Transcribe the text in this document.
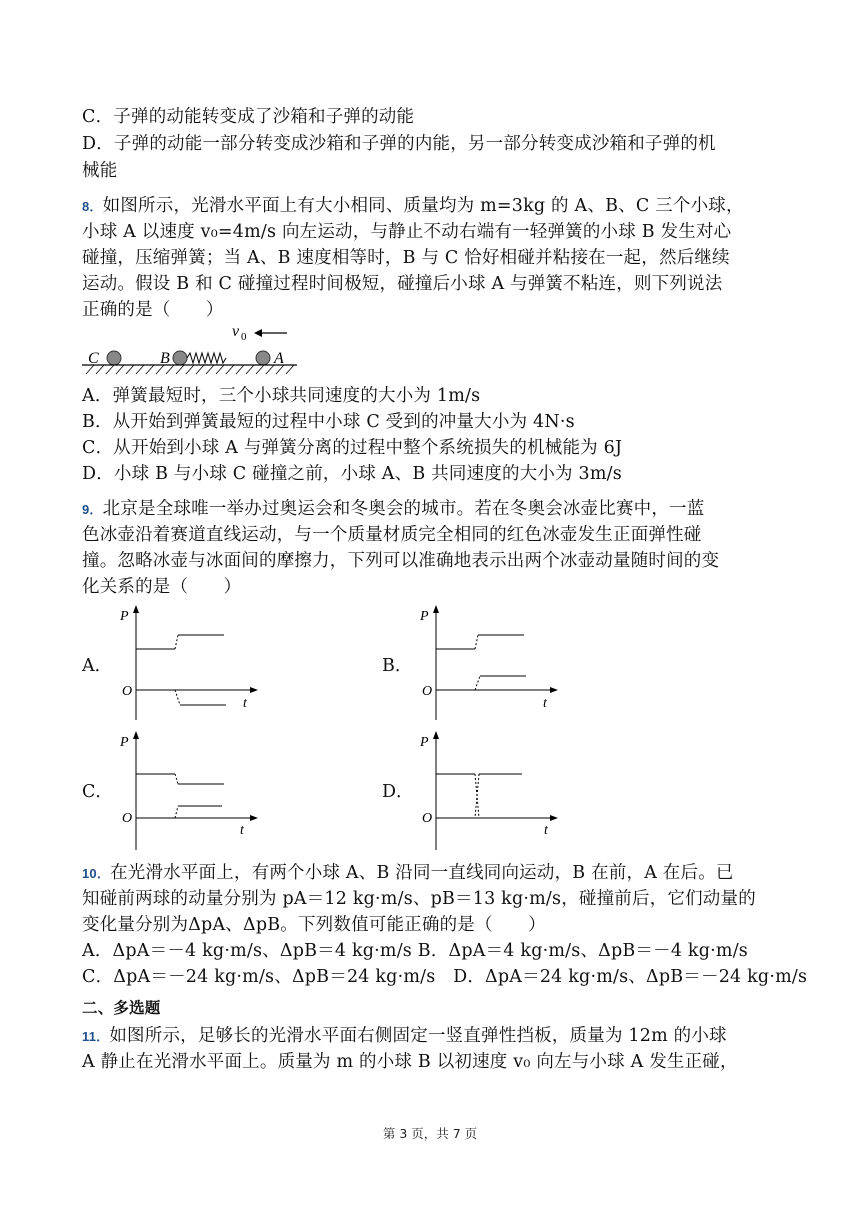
C．子弹的动能转变成了沙箱和子弹的动能
D．子弹的动能一部分转变成沙箱和子弹的内能，另一部分转变成沙箱和子弹的机
械能
8．如图所示，光滑水平面上有大小相同、质量均为 m=3kg 的 A、B、C 三个小球，
小球 A 以速度 v₀=4m/s 向左运动，与静止不动右端有一轻弹簧的小球 B 发生对心
碰撞，压缩弹簧；当 A、B 速度相等时，B 与 C 恰好相碰并粘接在一起，然后继续
运动。假设 B 和 C 碰撞过程时间极短，碰撞后小球 A 与弹簧不粘连，则下列说法
正确的是（　　）
v 0
C	B	A
A．弹簧最短时，三个小球共同速度的大小为 1m/s
B．从开始到弹簧最短的过程中小球 C 受到的冲量大小为 4N·s
C．从开始到小球 A 与弹簧分离的过程中整个系统损失的机械能为 6J
D．小球 B 与小球 C 碰撞之前，小球 A、B 共同速度的大小为 3m/s
9．北京是全球唯一举办过奥运会和冬奥会的城市。若在冬奥会冰壶比赛中，一蓝
色冰壶沿着赛道直线运动，与一个质量材质完全相同的红色冰壶发生正面弹性碰
撞。忽略冰壶与冰面间的摩擦力，下列可以准确地表示出两个冰壶动量随时间的变
化关系的是（　　）
A．	B．
C．	D．
P
O
t
P
O
t
P
O
t
P
O
t
10．在光滑水平面上，有两个小球 A、B 沿同一直线同向运动，B 在前，A 在后。已
知碰前两球的动量分别为 pA＝12 kg·m/s、pB＝13 kg·m/s，碰撞前后，它们动量的
变化量分别为ΔpA、ΔpB。下列数值可能正确的是（　　）
A．ΔpA＝－4 kg·m/s、ΔpB＝4 kg·m/s B．ΔpA＝4 kg·m/s、ΔpB＝－4 kg·m/s
C．ΔpA＝－24 kg·m/s、ΔpB＝24 kg·m/s　D．ΔpA＝24 kg·m/s、ΔpB＝－24 kg·m/s
二、多选题
11．如图所示，足够长的光滑水平面右侧固定一竖直弹性挡板，质量为 12m 的小球
A 静止在光滑水平面上。质量为 m 的小球 B 以初速度 v₀ 向左与小球 A 发生正碰，
第 3 页，共 7 页
